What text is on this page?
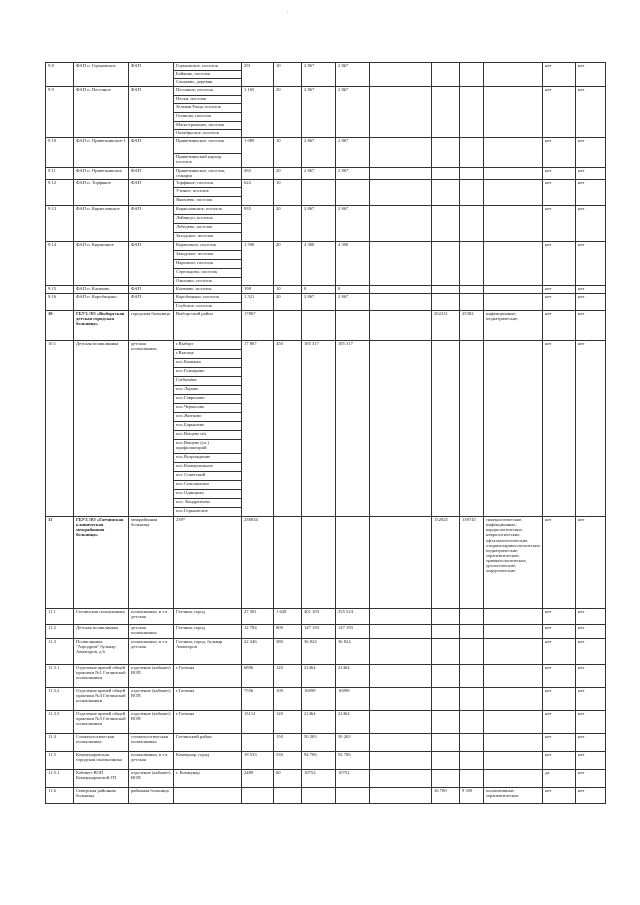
.
9.8	ФАП п. Горьковское	ФАП	Горьковское, поселок	291	10	2 867	2 867					нет	нет
			Бойково, поселок										
			Сеньково, деревня										
9.9	ФАП п. Песочное	ФАП	Песочное, поселок	1 165	20	2 867	2 867					нет	нет
			Пески, поселок										
			Зеленая Роща, поселок										
			Осиново, поселок										
			Магистральное, поселок										
			Октябрьское, поселок										
9.10	ФАП п. Приветнинское-1	ФАП	Приветнинское, поселок	1 089	10	2 867	2 867					нет	нет
			Приветнинский карьер, поселок										
9.11	ФАП п. Приветнинское	ФАП	Приветнинское, поселок, станции	492	20	2 867	2 867					нет	нет
9.12	ФАП п. Торфяное	ФАП	Торфяное, поселок	622	10							нет	нет
			Утиное, поселок										
			Яковлево, поселок										
9.13	ФАП п. Кирилловское	ФАП	Кирилловское, поселок	935	20	2 867	2 867					нет	нет
			Лейпясуо, поселок										
			Лебедево, поселок										
			Заходское, поселок										
9.14	ФАП п. Кирпичное	ФАП	Кирпичное, поселок	1 596	20	4 300	4 300					нет	нет
			Заводское, поселок										
			Нарочное, поселок										
			Стрельцово, поселок										
			Ожогино, поселок										
9.15	ФАП п. Климово	ФАП	Климово, поселок	198	10	0	0					нет	нет
9.16	ФАП п. Коробицыно	ФАП	Коробицыно, поселок	1 521	20	2 867	2 867					нет	нет
			Глубокое, поселок										
10	ГБУЗ ЛО «Выборгская детская городская больница»	городская больница	Выборгский район	17867					202221	25382	инфекционные, педиатрические,	нет	нет
10.1	Детская поликлиника	детская поликлиника	г.Выборг	17 867	450	185 317	185 317					нет	нет
			г.Высоцк										
			пос.Каменка										
			пос.Гончарово										
			Глебычёво										
			пос.Лорово										
			пос.Гаврилово										
			пос.Черкасово										
			пос.Житково										
			пос.Барышево										
			пос.Вещево н/ч										
			пос.Вещево (ул.) профилакторий										
			пос.Возрождение										
			пос.Коммунальное										
			пгт. Советский										
			пос.Соколинское										
			пос.Одинцово										
			пос. Кондратьево										
			пос.Горьковское										
11	ГБУЗ ЛО «Гатчинская клиническая межрайонная больница»	межрайонная больница	239*	238034					152825	139745	гинекологические, инфекционные, кардиологические, неврологические, офтальмологические, оториноларингологические, педиатрические, терапевтические, травматологические, урологические, хирургические.	нет	нет
11.1	Гатчинская поликлиника	поликлиника, в т.ч. детская	Гатчина, город	27 381	1 620	401 103	355 524					нет	нет
11.2	Детская поликлиника	детская поликлиника	Гатчина, город	12 784	800	147 193	147 193					нет	нет
11.3	Поликлиника "Аэродром" бульвар Авиаторов, д.6	поликлиника, в т.ч. детская	Гатчина, город, бульвар Авиаторов	22 346	380	36 824	36 824					нет	нет
11.3.1	Отделение врачей общей практики №1 Гатчинской поликлиники	отделение (кабинет) ВОП	г.Гатчина	6896	120	21464	21464					нет	нет
11.3.2	Отделение врачей общей практики №4 Гатчинской поликлиники	отделение (кабинет) ВОП	г.Гатчина	7556	100	16098	16098					нет	нет
11.3.3	Отделение врачей общей практики №3 Гатчинской поликлиники	отделение (кабинет) ВОП	г.Гатчина	15112	120	21464	21464					нет	нет
11.4	Стоматологическая поликлиника	стоматологическая поликлиника	Гатчинский район		150	50 265	50 265					нет	нет
11.5	Коммунаровская городская поликлиника	поликлиника, в т.ч. детская	Коммунар, город	19 533	530	94 706	92 706					нет	нет
11.5.1	Кабинет ВОП Коммунаровской ГП	отделение (кабинет) ВОП	г. Коммунар	2489	60	10752	10752					да	нет
11.6	Сиверская районная больница	районная больница							16 700	9 339	паллиативные, терапевтические	нет	нет
